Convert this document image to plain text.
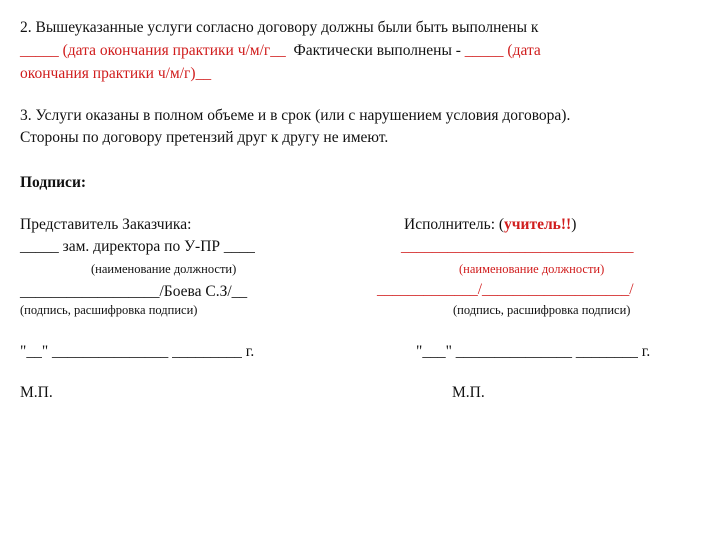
2. Вышеуказанные услуги согласно договору должны были быть выполнены к
_____ (дата окончания практики ч/м/г__  Фактически выполнены - _____ (дата
окончания практики ч/м/г)__
3. Услуги оказаны в полном объеме и в срок (или с нарушением условия договора).
Стороны по договору претензий друг к другу не имеют.
Подписи:
Представитель Заказчика:
_____ зам. директора по У-ПР ____
(наименование должности)
__________________/Боева С.З/__
(подпись, расшифровка подписи)
"__" _______________ _________ г.
М.П.
Исполнитель: (учитель!!)
______________________________
(наименование должности)
_____________/___________________/
(подпись, расшифровка подписи)
"___" _______________ ________ г.
М.П.
